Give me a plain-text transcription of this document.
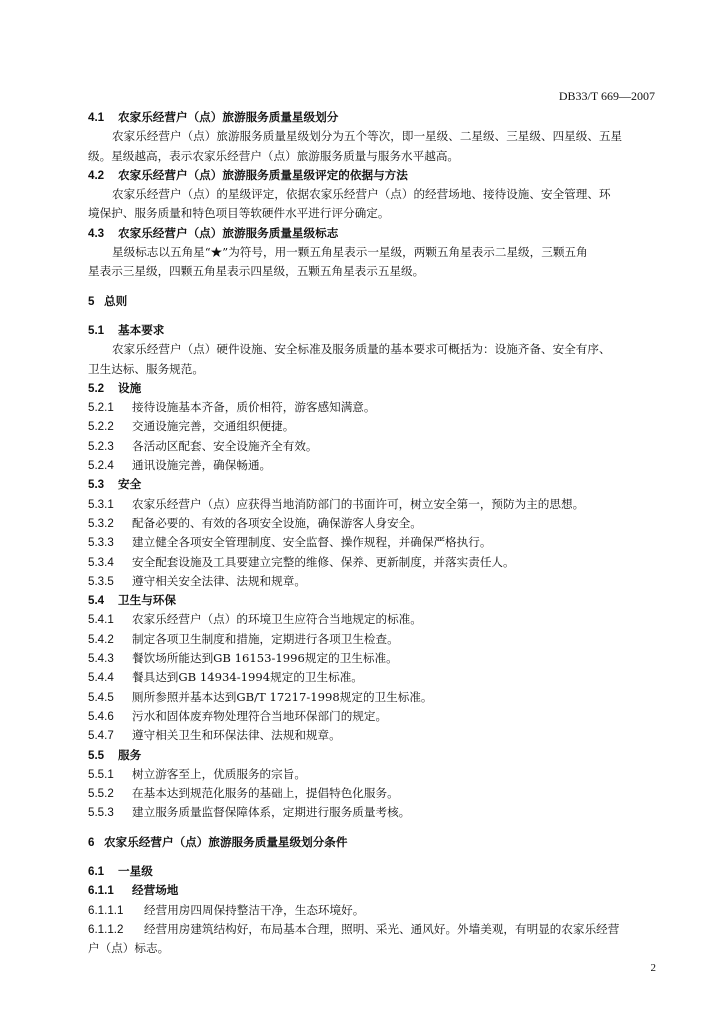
DB33/T 669—2007
4.1 农家乐经营户（点）旅游服务质量星级划分
农家乐经营户（点）旅游服务质量星级划分为五个等次，即一星级、二星级、三星级、四星级、五星
级。星级越高，表示农家乐经营户（点）旅游服务质量与服务水平越高。
4.2 农家乐经营户（点）旅游服务质量星级评定的依据与方法
农家乐经营户（点）的星级评定，依据农家乐经营户（点）的经营场地、接待设施、安全管理、环
境保护、服务质量和特色项目等软硬件水平进行评分确定。
4.3 农家乐经营户（点）旅游服务质量星级标志
星级标志以五角星“★”为符号，用一颗五角星表示一星级，两颗五角星表示二星级，三颗五角
星表示三星级，四颗五角星表示四星级，五颗五角星表示五星级。
5 总则
5.1 基本要求
农家乐经营户（点）硬件设施、安全标准及服务质量的基本要求可概括为：设施齐备、安全有序、
卫生达标、服务规范。
5.2 设施
5.2.1 接待设施基本齐备，质价相符，游客感知满意。
5.2.2 交通设施完善，交通组织便捷。
5.2.3 各活动区配套、安全设施齐全有效。
5.2.4 通讯设施完善，确保畅通。
5.3 安全
5.3.1 农家乐经营户（点）应获得当地消防部门的书面许可，树立安全第一，预防为主的思想。
5.3.2 配备必要的、有效的各项安全设施，确保游客人身安全。
5.3.3 建立健全各项安全管理制度、安全监督、操作规程，并确保严格执行。
5.3.4 安全配套设施及工具要建立完整的维修、保养、更新制度，并落实责任人。
5.3.5 遵守相关安全法律、法规和规章。
5.4 卫生与环保
5.4.1 农家乐经营户（点）的环境卫生应符合当地规定的标准。
5.4.2 制定各项卫生制度和措施，定期进行各项卫生检查。
5.4.3 餐饮场所能达到GB 16153-1996规定的卫生标准。
5.4.4 餐具达到GB 14934-1994规定的卫生标准。
5.4.5 厕所参照并基本达到GB/T 17217-1998规定的卫生标准。
5.4.6 污水和固体废弃物处理符合当地环保部门的规定。
5.4.7 遵守相关卫生和环保法律、法规和规章。
5.5 服务
5.5.1 树立游客至上，优质服务的宗旨。
5.5.2 在基本达到规范化服务的基础上，提倡特色化服务。
5.5.3 建立服务质量监督保障体系，定期进行服务质量考核。
6 农家乐经营户（点）旅游服务质量星级划分条件
6.1 一星级
6.1.1 经营场地
6.1.1.1 经营用房四周保持整洁干净，生态环境好。
6.1.1.2 经营用房建筑结构好，布局基本合理，照明、采光、通风好。外墙美观，有明显的农家乐经营
户（点）标志。
2
